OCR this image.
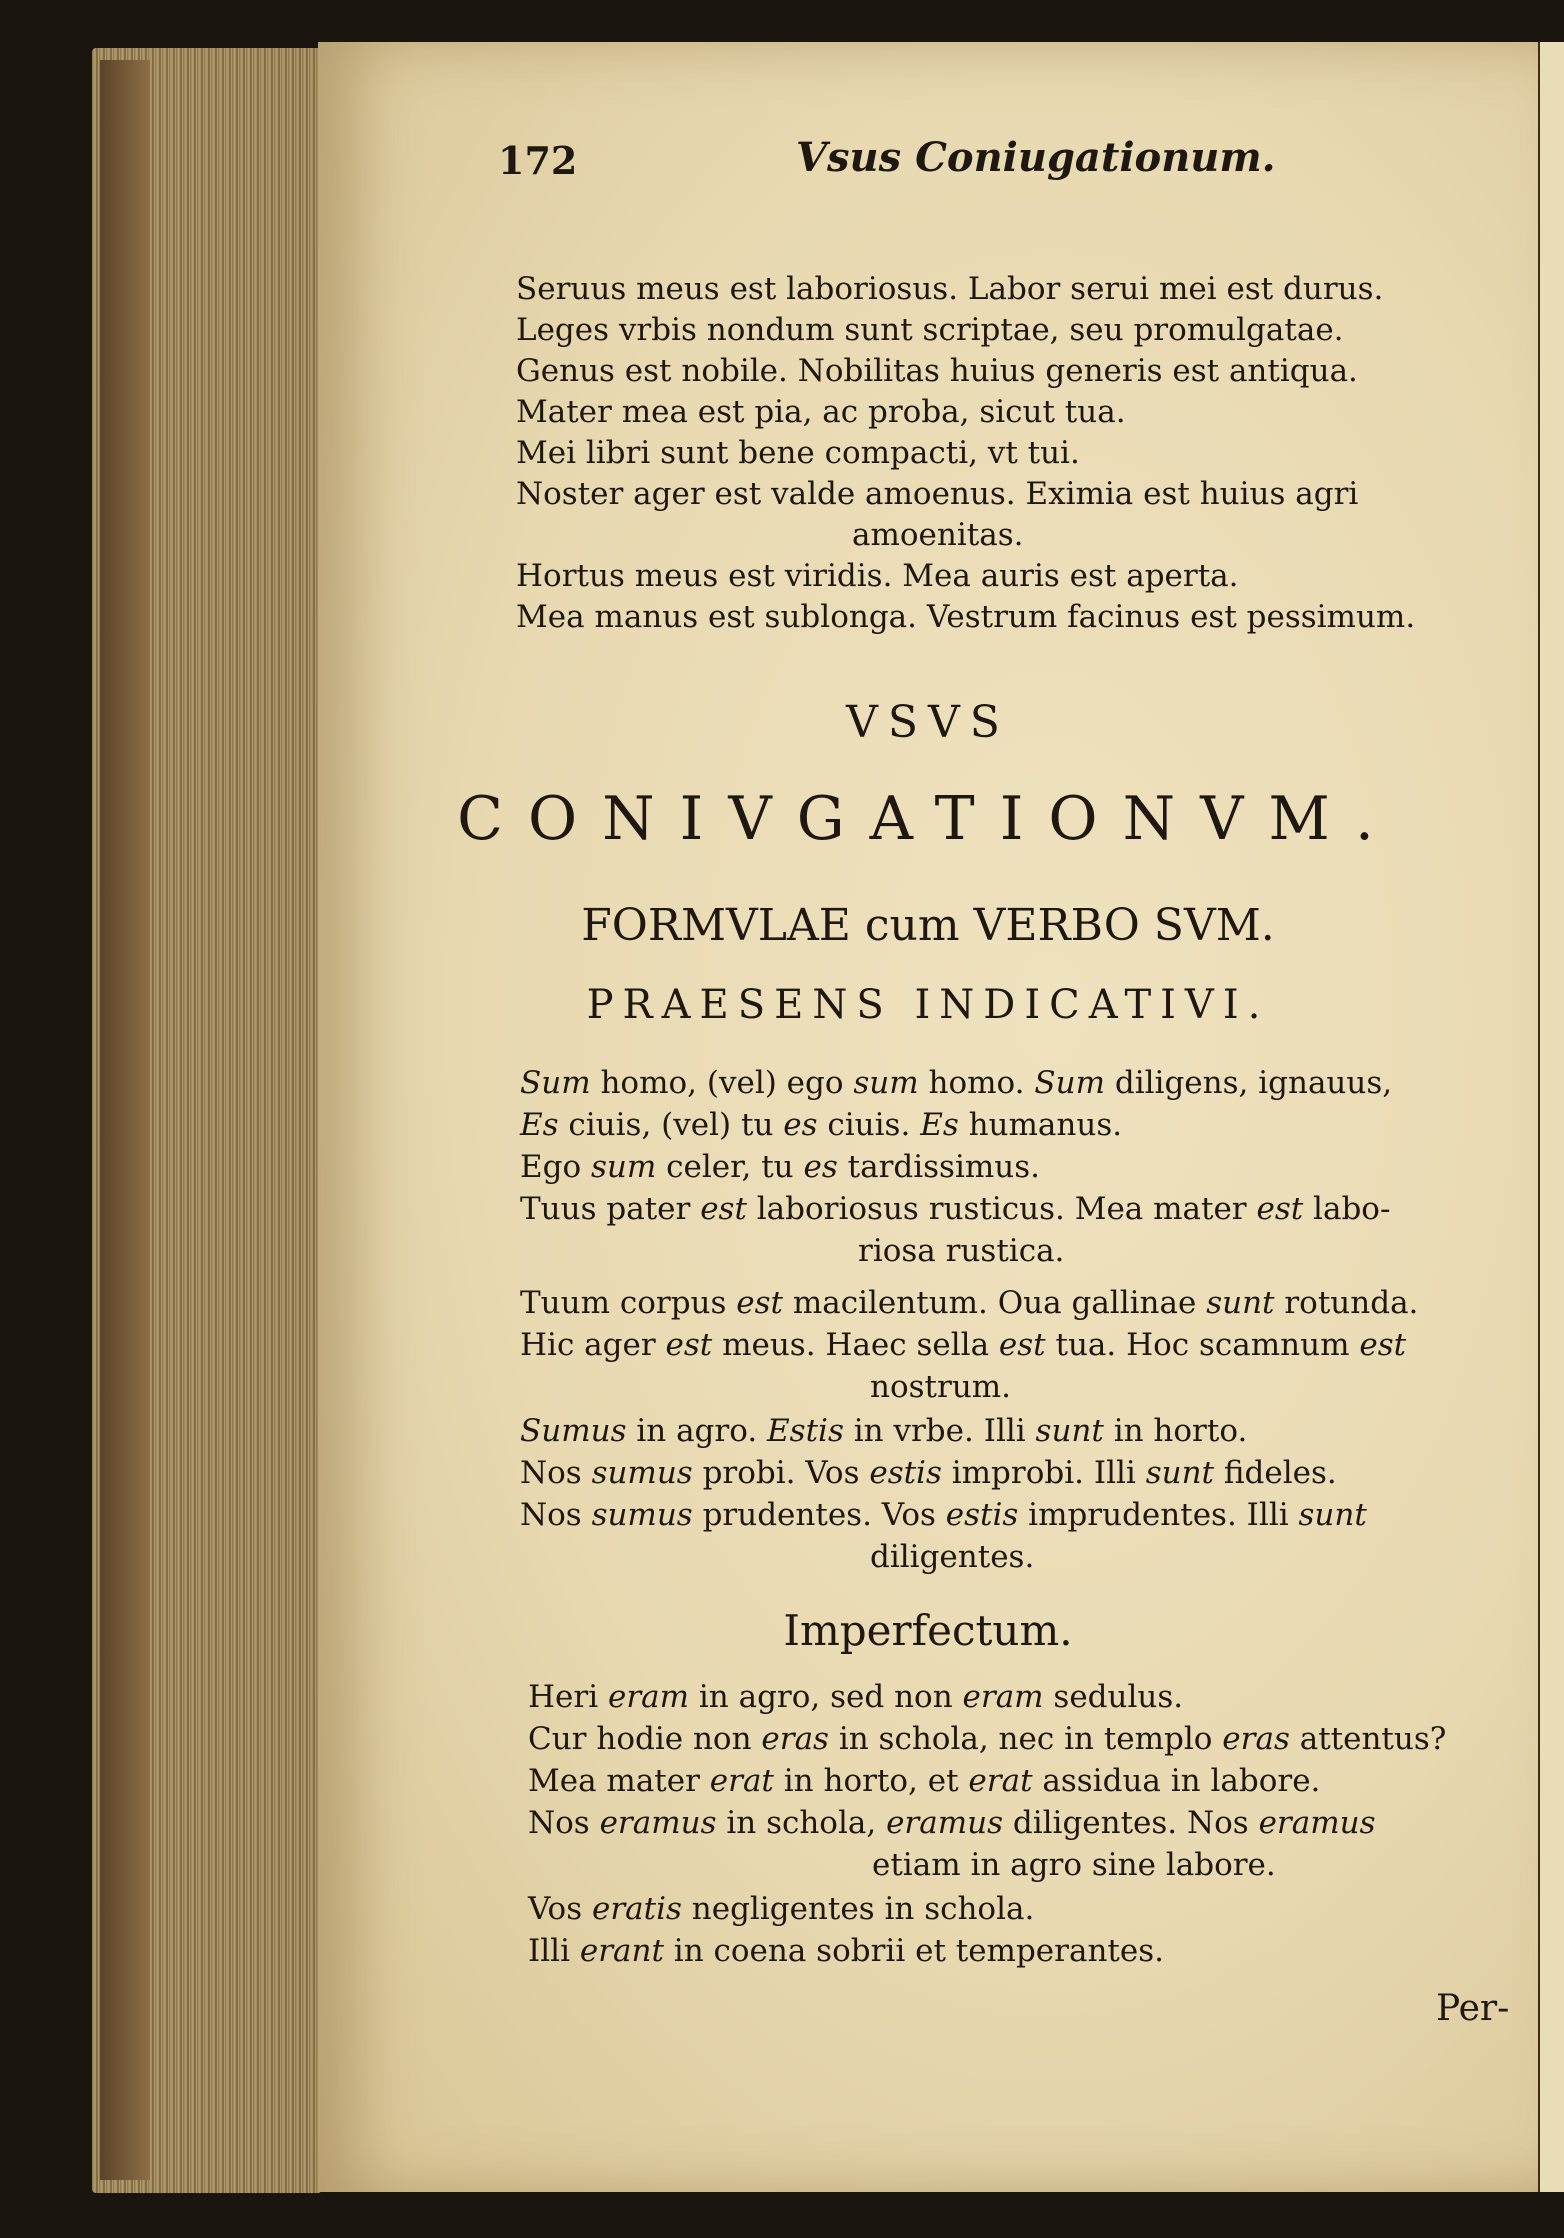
172	Vsus Coniugationum.
Seruus meus est laboriosus. Labor serui mei est durus.
Leges vrbis nondum sunt scriptae, seu promulgatae.
Genus est nobile. Nobilitas huius generis est antiqua.
Mater mea est pia, ac proba, sicut tua.
Mei libri sunt bene compacti, vt tui.
Noster ager est valde amoenus. Eximia est huius agri
amoenitas.
Hortus meus est viridis. Mea auris est aperta.
Mea manus est sublonga. Vestrum facinus est pessimum.
VSVS
CONIVGATIONVM.
FORMVLAE cum VERBO SVM.
PRAESENS INDICATIVI.
Sum homo, (vel) ego sum homo. Sum diligens, ignauus,
Es ciuis, (vel) tu es ciuis. Es humanus.
Ego sum celer, tu es tardissimus.
Tuus pater est laboriosus rusticus. Mea mater est labo-
riosa rustica.
Tuum corpus est macilentum. Oua gallinae sunt rotunda.
Hic ager est meus. Haec sella est tua. Hoc scamnum est
nostrum.
Sumus in agro. Estis in vrbe. Illi sunt in horto.
Nos sumus probi. Vos estis improbi. Illi sunt fideles.
Nos sumus prudentes. Vos estis imprudentes. Illi sunt
diligentes.
Imperfectum.
Heri eram in agro, sed non eram sedulus.
Cur hodie non eras in schola, nec in templo eras attentus?
Mea mater erat in horto, et erat assidua in labore.
Nos eramus in schola, eramus diligentes. Nos eramus
etiam in agro sine labore.
Vos eratis negligentes in schola.
Illi erant in coena sobrii et temperantes.
Per-
